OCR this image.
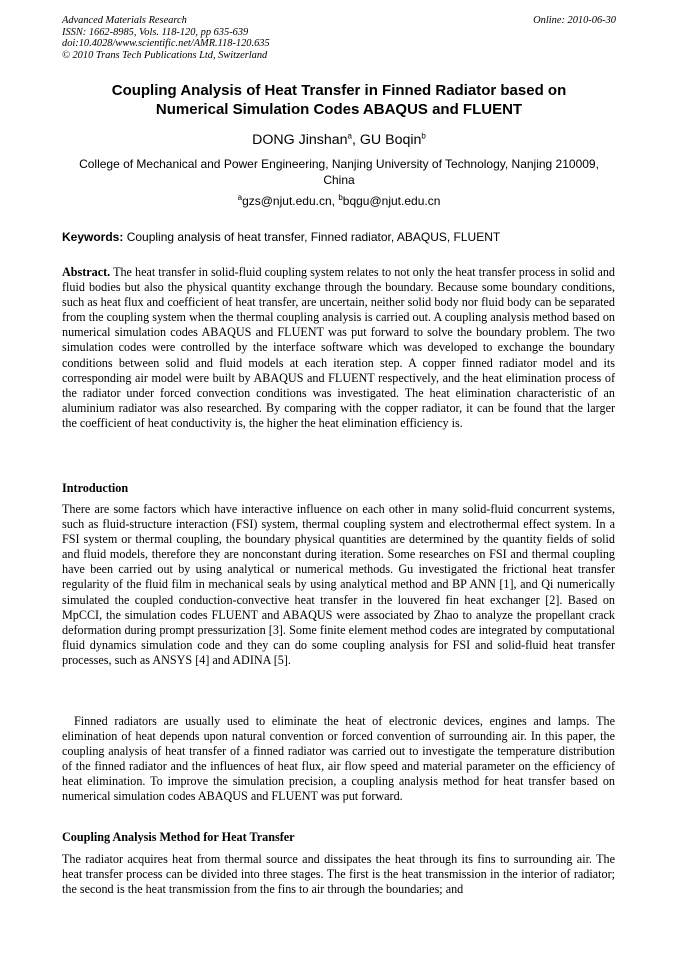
Advanced Materials Research
ISSN: 1662-8985, Vols. 118-120, pp 635-639
doi:10.4028/www.scientific.net/AMR.118-120.635
© 2010 Trans Tech Publications Ltd, Switzerland
Online: 2010-06-30
Coupling Analysis of Heat Transfer in Finned Radiator based on
Numerical Simulation Codes ABAQUS and FLUENT
DONG Jinshan$^a$, GU Boqin$^b$
College of Mechanical and Power Engineering, Nanjing University of Technology, Nanjing 210009, China
$^a$gzs@njut.edu.cn, $^b$bqgu@njut.edu.cn
Keywords: Coupling analysis of heat transfer, Finned radiator, ABAQUS, FLUENT
Abstract. The heat transfer in solid-fluid coupling system relates to not only the heat transfer process in solid and fluid bodies but also the physical quantity exchange through the boundary. Because some boundary conditions, such as heat flux and coefficient of heat transfer, are uncertain, neither solid body nor fluid body can be separated from the coupling system when the thermal coupling analysis is carried out. A coupling analysis method based on numerical simulation codes ABAQUS and FLUENT was put forward to solve the boundary problem. The two simulation codes were controlled by the interface software which was developed to exchange the boundary conditions between solid and fluid models at each iteration step. A copper finned radiator model and its corresponding air model were built by ABAQUS and FLUENT respectively, and the heat elimination process of the radiator under forced convection conditions was investigated. The heat elimination characteristic of an aluminium radiator was also researched. By comparing with the copper radiator, it can be found that the larger the coefficient of heat conductivity is, the higher the heat elimination efficiency is.
Introduction
There are some factors which have interactive influence on each other in many solid-fluid concurrent systems, such as fluid-structure interaction (FSI) system, thermal coupling system and electrothermal effect system. In a FSI system or thermal coupling, the boundary physical quantities are determined by the quantity fields of solid and fluid models, therefore they are nonconstant during iteration. Some researches on FSI and thermal coupling have been carried out by using analytical or numerical methods. Gu investigated the frictional heat transfer regularity of the fluid film in mechanical seals by using analytical method and BP ANN [1], and Qi numerically simulated the coupled conduction-convective heat transfer in the louvered fin heat exchanger [2]. Based on MpCCI, the simulation codes FLUENT and ABAQUS were associated by Zhao to analyze the propellant crack deformation during prompt pressurization [3]. Some finite element method codes are integrated by computational fluid dynamics simulation code and they can do some coupling analysis for FSI and solid-fluid heat transfer processes, such as ANSYS [4] and ADINA [5].
Finned radiators are usually used to eliminate the heat of electronic devices, engines and lamps. The elimination of heat depends upon natural convention or forced convention of surrounding air. In this paper, the coupling analysis of heat transfer of a finned radiator was carried out to investigate the temperature distribution of the finned radiator and the influences of heat flux, air flow speed and material parameter on the efficiency of heat elimination. To improve the simulation precision, a coupling analysis method for heat transfer based on numerical simulation codes ABAQUS and FLUENT was put forward.
Coupling Analysis Method for Heat Transfer
The radiator acquires heat from thermal source and dissipates the heat through its fins to surrounding air. The heat transfer process can be divided into three stages. The first is the heat transmission in the interior of radiator; the second is the heat transmission from the fins to air through the boundaries; and
